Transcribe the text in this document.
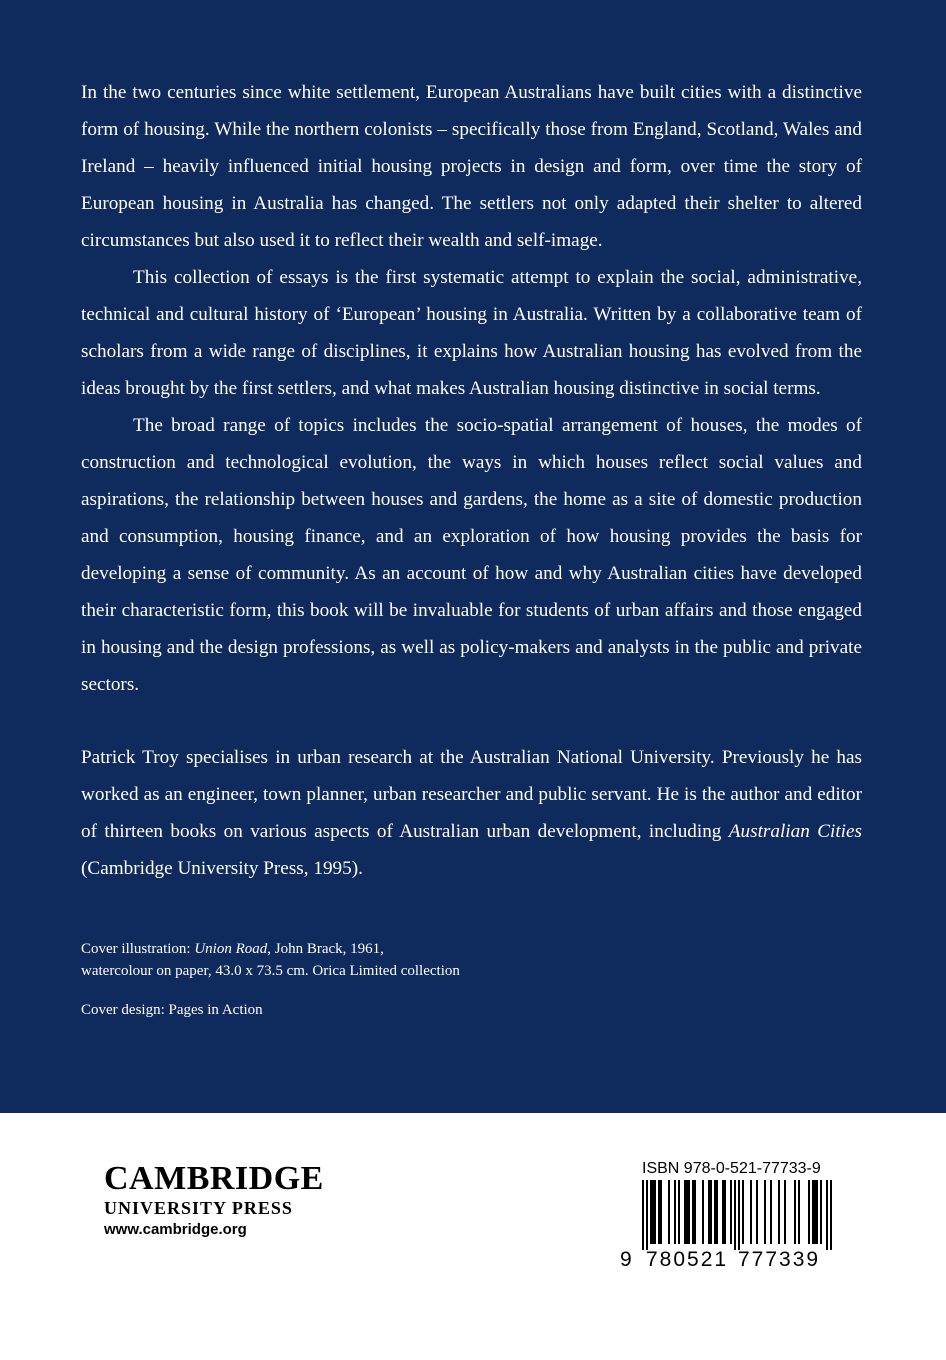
In the two centuries since white settlement, European Australians have built cities with a distinctive form of housing. While the northern colonists – specifically those from England, Scotland, Wales and Ireland – heavily influenced initial housing projects in design and form, over time the story of European housing in Australia has changed. The settlers not only adapted their shelter to altered circumstances but also used it to reflect their wealth and self-image.

This collection of essays is the first systematic attempt to explain the social, administrative, technical and cultural history of ‘European’ housing in Australia. Written by a collaborative team of scholars from a wide range of disciplines, it explains how Australian housing has evolved from the ideas brought by the first settlers, and what makes Australian housing distinctive in social terms.

The broad range of topics includes the socio-spatial arrangement of houses, the modes of construction and technological evolution, the ways in which houses reflect social values and aspirations, the relationship between houses and gardens, the home as a site of domestic production and consumption, housing finance, and an exploration of how housing provides the basis for developing a sense of community. As an account of how and why Australian cities have developed their characteristic form, this book will be invaluable for students of urban affairs and those engaged in housing and the design professions, as well as policy-makers and analysts in the public and private sectors.

Patrick Troy specialises in urban research at the Australian National University. Previously he has worked as an engineer, town planner, urban researcher and public servant. He is the author and editor of thirteen books on various aspects of Australian urban development, including Australian Cities (Cambridge University Press, 1995).

Cover illustration: Union Road, John Brack, 1961,

watercolour on paper, 43.0 x 73.5 cm. Orica Limited collection

Cover design: Pages in Action

CAMBRIDGE
UNIVERSITY PRESS
www.cambridge.org
ISBN 978-0-521-77733-9
9 780521 777339
